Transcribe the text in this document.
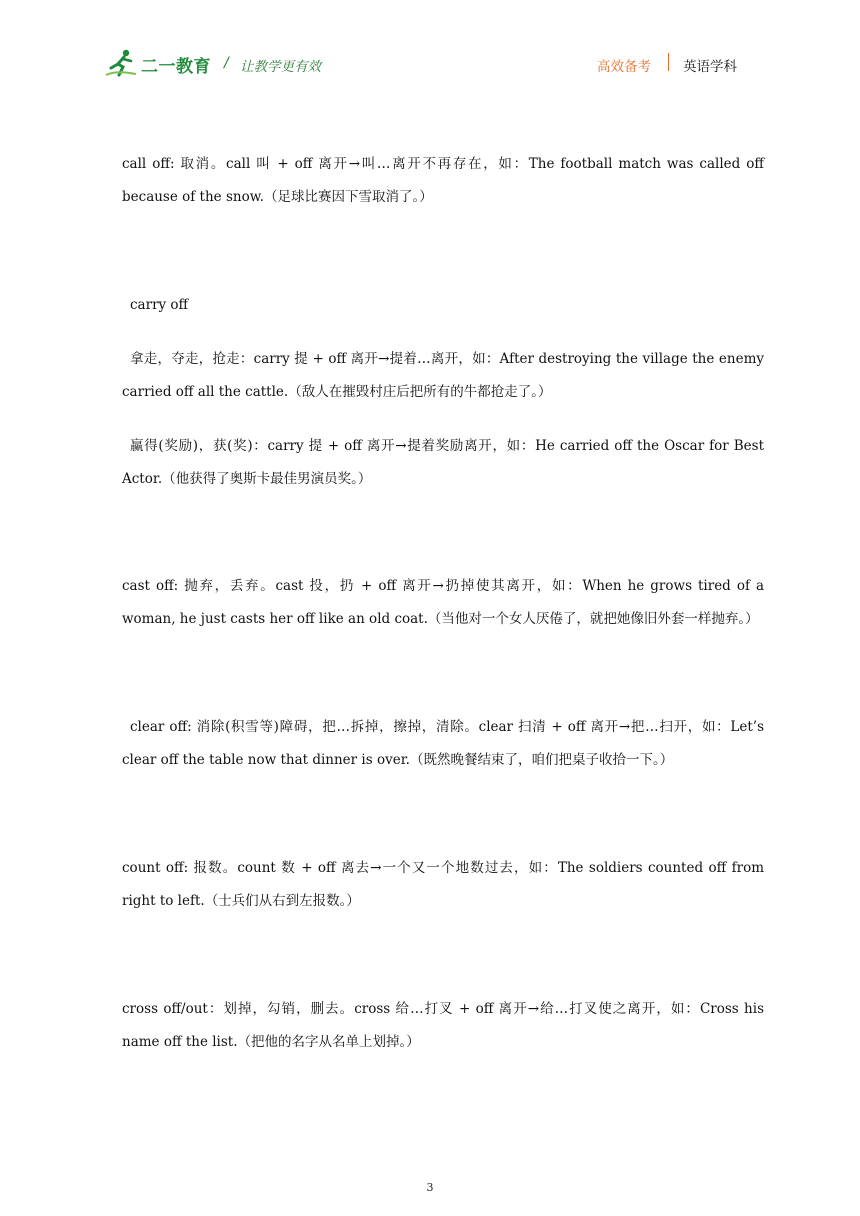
二一教育 / 让教学更有效	高效备考 英语学科

call off: 取消。call 叫 + off 离开→叫…离开不再存在，如：The football match was called off because of the snow.（足球比赛因下雪取消了。）

carry off

拿走，夺走，抢走：carry 提 + off 离开→提着…离开，如：After destroying the village the enemy carried off all the cattle.（敌人在摧毁村庄后把所有的牛都抢走了。）

赢得(奖励)，获(奖)：carry 提 + off 离开→提着奖励离开，如：He carried off the Oscar for Best Actor.（他获得了奥斯卡最佳男演员奖。）

cast off: 抛弃，丢弃。cast 投，扔 + off 离开→扔掉使其离开，如：When he grows tired of a woman, he just casts her off like an old coat.（当他对一个女人厌倦了，就把她像旧外套一样抛弃。）

clear off: 消除(积雪等)障碍，把…拆掉，擦掉，清除。clear 扫清 + off 离开→把…扫开，如：Let’s clear off the table now that dinner is over.（既然晚餐结束了，咱们把桌子收拾一下。）

count off: 报数。count 数 + off 离去→一个又一个地数过去，如：The soldiers counted off from right to left.（士兵们从右到左报数。）

cross off/out：划掉，勾销，删去。cross 给…打叉 + off 离开→给…打叉使之离开，如：Cross his name off the list.（把他的名字从名单上划掉。）

3
